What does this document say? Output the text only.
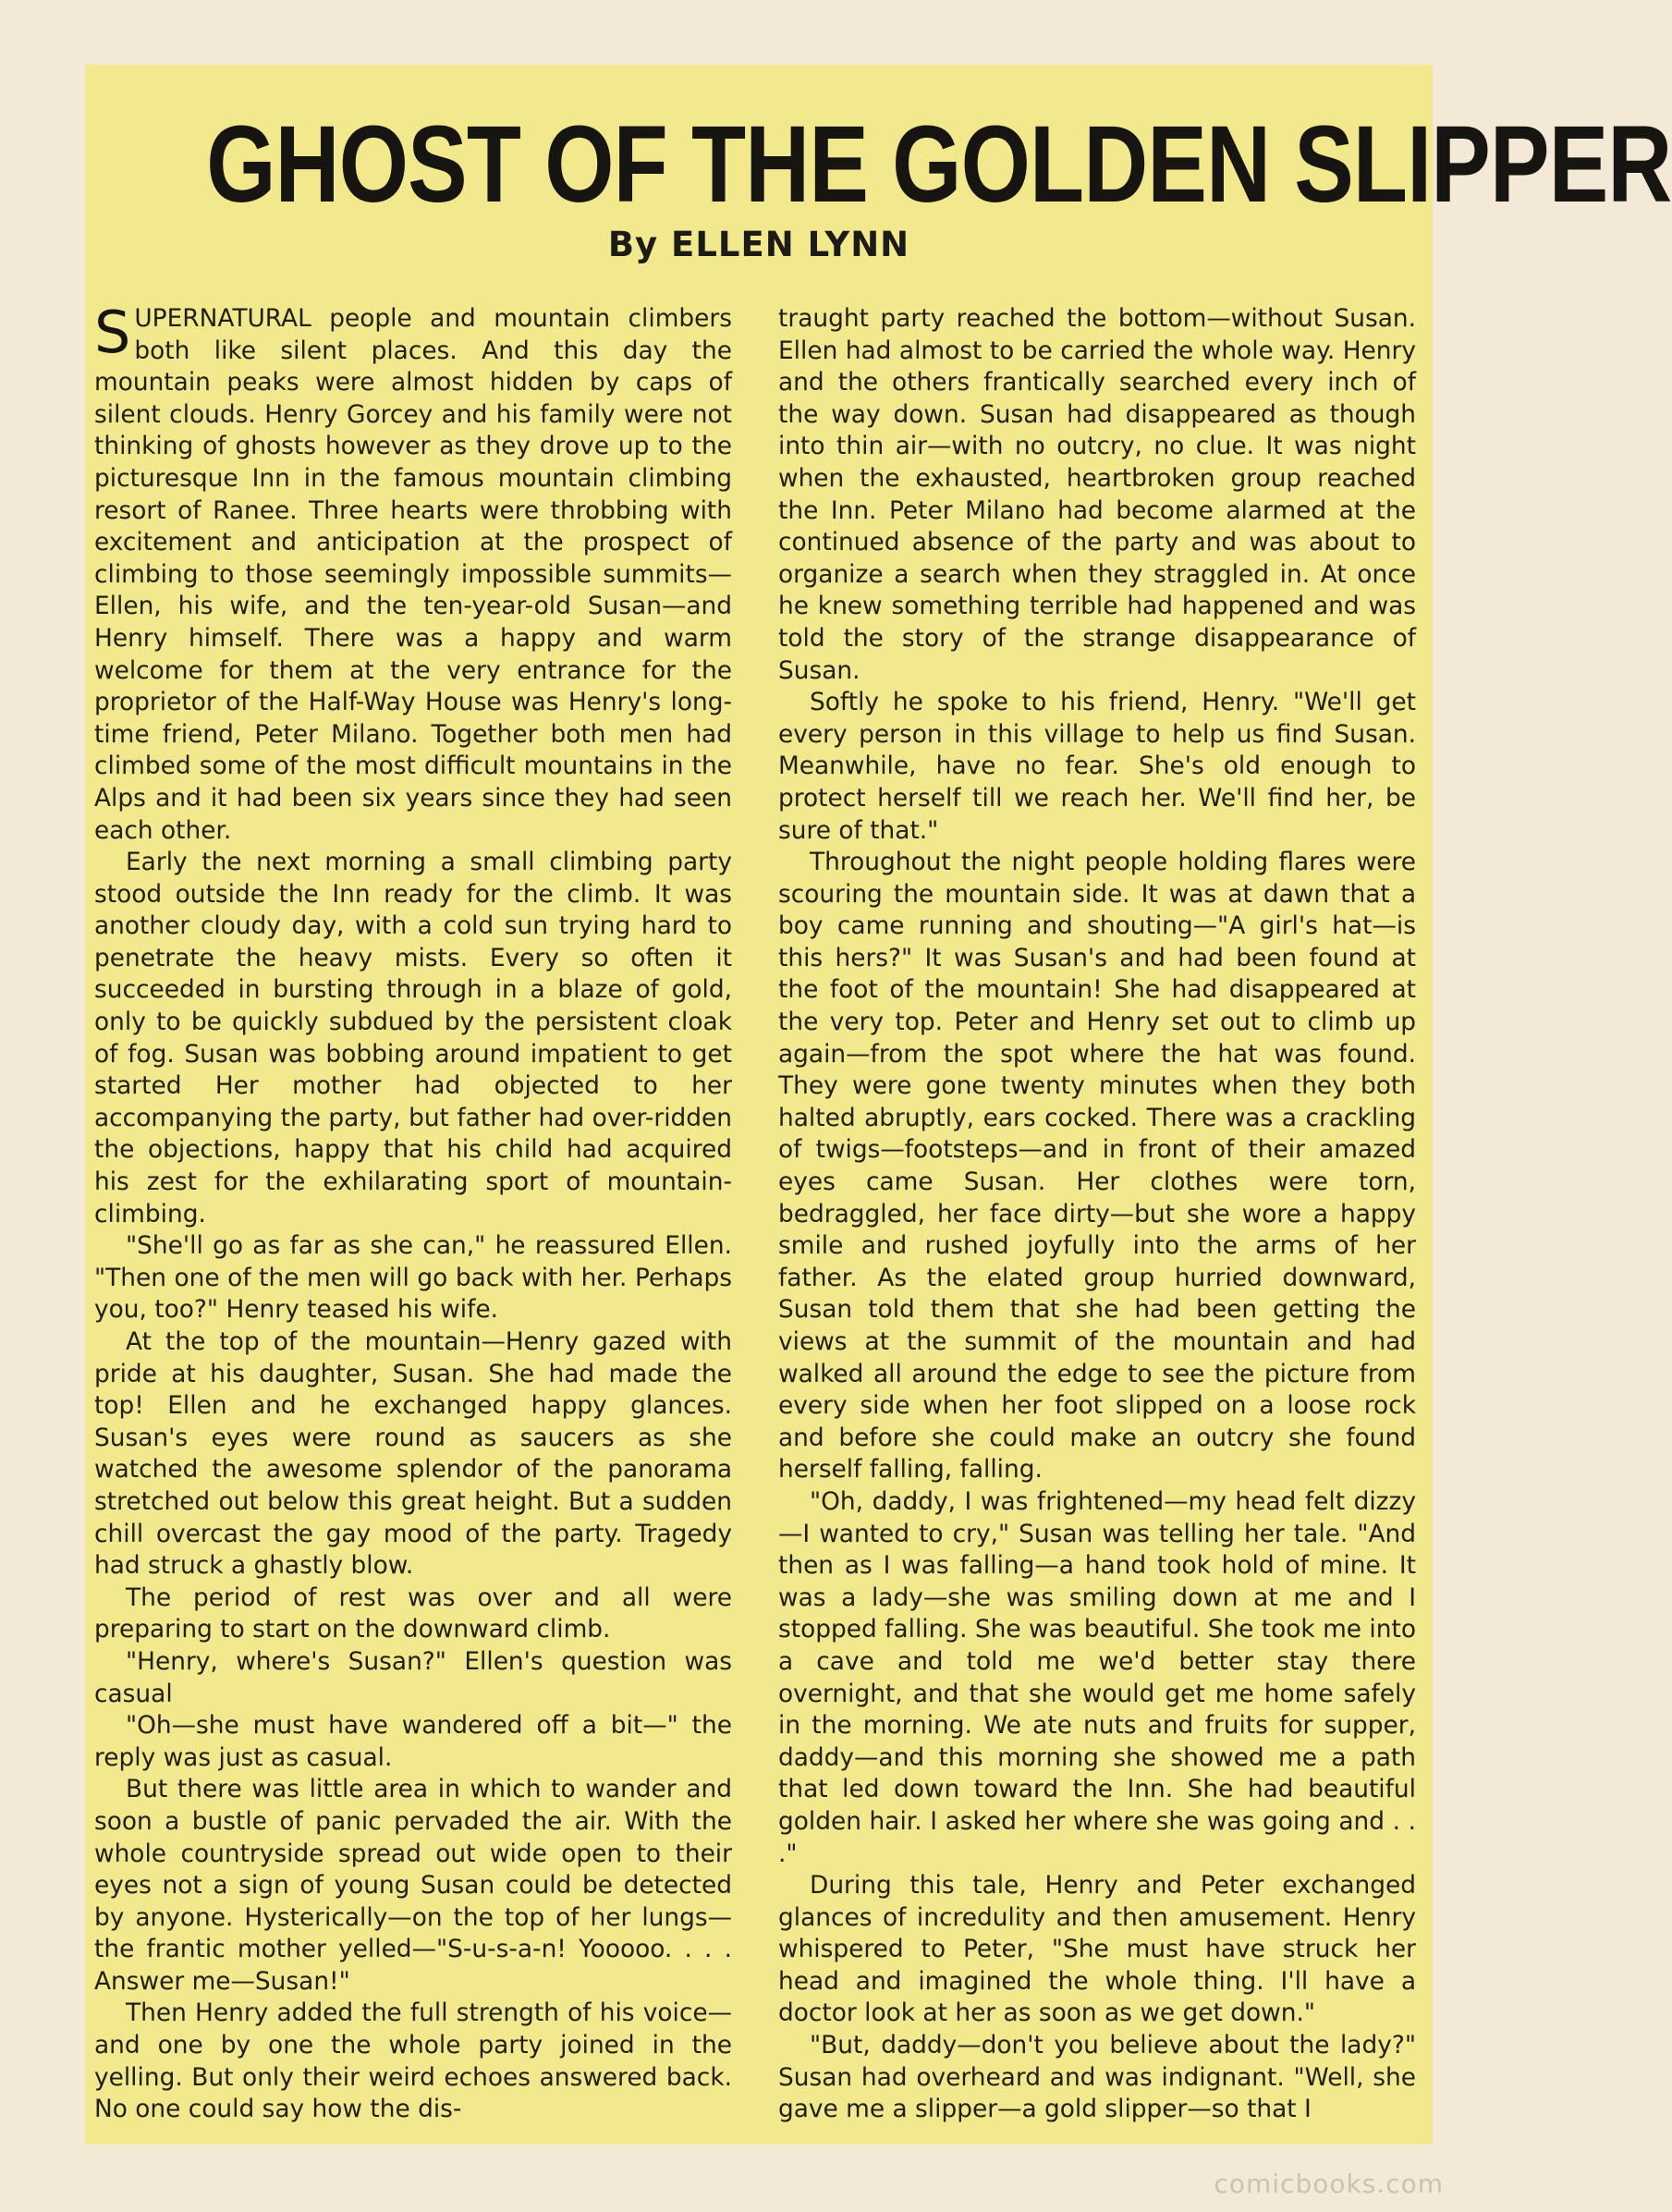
GHOST OF THE GOLDEN SLIPPER
By ELLEN LYNN

SUPERNATURAL people and mountain climbers both like silent places. And this day the mountain peaks were almost hidden by caps of silent clouds. Henry Gorcey and his family were not thinking of ghosts however as they drove up to the picturesque Inn in the famous mountain climbing resort of Ranee. Three hearts were throbbing with excitement and anticipation at the prospect of climbing to those seemingly impossible summits—Ellen, his wife, and the ten-year-old Susan—and Henry himself. There was a happy and warm welcome for them at the very entrance for the proprietor of the Half-Way House was Henry's long-time friend, Peter Milano. Together both men had climbed some of the most difficult mountains in the Alps and it had been six years since they had seen each other.

Early the next morning a small climbing party stood outside the Inn ready for the climb. It was another cloudy day, with a cold sun trying hard to penetrate the heavy mists. Every so often it succeeded in bursting through in a blaze of gold, only to be quickly subdued by the persistent cloak of fog. Susan was bobbing around impatient to get started Her mother had objected to her accompanying the party, but father had over-ridden the objections, happy that his child had acquired his zest for the exhilarating sport of mountain-climbing.

"She'll go as far as she can," he reassured Ellen. "Then one of the men will go back with her. Perhaps you, too?" Henry teased his wife.

At the top of the mountain—Henry gazed with pride at his daughter, Susan. She had made the top! Ellen and he exchanged happy glances. Susan's eyes were round as saucers as she watched the awesome splendor of the panorama stretched out below this great height. But a sudden chill overcast the gay mood of the party. Tragedy had struck a ghastly blow.

The period of rest was over and all were preparing to start on the downward climb.

"Henry, where's Susan?" Ellen's question was casual

"Oh—she must have wandered off a bit—" the reply was just as casual.

But there was little area in which to wander and soon a bustle of panic pervaded the air. With the whole countryside spread out wide open to their eyes not a sign of young Susan could be detected by anyone. Hysterically—on the top of her lungs—the frantic mother yelled—"S-u-s-a-n! Yooooo. . . . Answer me—Susan!"

Then Henry added the full strength of his voice—and one by one the whole party joined in the yelling. But only their weird echoes answered back. No one could say how the dis-

traught party reached the bottom—without Susan. Ellen had almost to be carried the whole way. Henry and the others frantically searched every inch of the way down. Susan had disappeared as though into thin air—with no outcry, no clue. It was night when the exhausted, heartbroken group reached the Inn. Peter Milano had become alarmed at the continued absence of the party and was about to organize a search when they straggled in. At once he knew something terrible had happened and was told the story of the strange disappearance of Susan.

Softly he spoke to his friend, Henry. "We'll get every person in this village to help us find Susan. Meanwhile, have no fear. She's old enough to protect herself till we reach her. We'll find her, be sure of that."

Throughout the night people holding flares were scouring the mountain side. It was at dawn that a boy came running and shouting—"A girl's hat—is this hers?" It was Susan's and had been found at the foot of the mountain! She had disappeared at the very top. Peter and Henry set out to climb up again—from the spot where the hat was found. They were gone twenty minutes when they both halted abruptly, ears cocked. There was a crackling of twigs—footsteps—and in front of their amazed eyes came Susan. Her clothes were torn, bedraggled, her face dirty—but she wore a happy smile and rushed joyfully into the arms of her father. As the elated group hurried downward, Susan told them that she had been getting the views at the summit of the mountain and had walked all around the edge to see the picture from every side when her foot slipped on a loose rock and before she could make an outcry she found herself falling, falling.

"Oh, daddy, I was frightened—my head felt dizzy—I wanted to cry," Susan was telling her tale. "And then as I was falling—a hand took hold of mine. It was a lady—she was smiling down at me and I stopped falling. She was beautiful. She took me into a cave and told me we'd better stay there overnight, and that she would get me home safely in the morning. We ate nuts and fruits for supper, daddy—and this morning she showed me a path that led down toward the Inn. She had beautiful golden hair. I asked her where she was going and . . ."

During this tale, Henry and Peter exchanged glances of incredulity and then amusement. Henry whispered to Peter, "She must have struck her head and imagined the whole thing. I'll have a doctor look at her as soon as we get down."

"But, daddy—don't you believe about the lady?" Susan had overheard and was indignant. "Well, she gave me a slipper—a gold slipper—so that I

comicbooks.com
